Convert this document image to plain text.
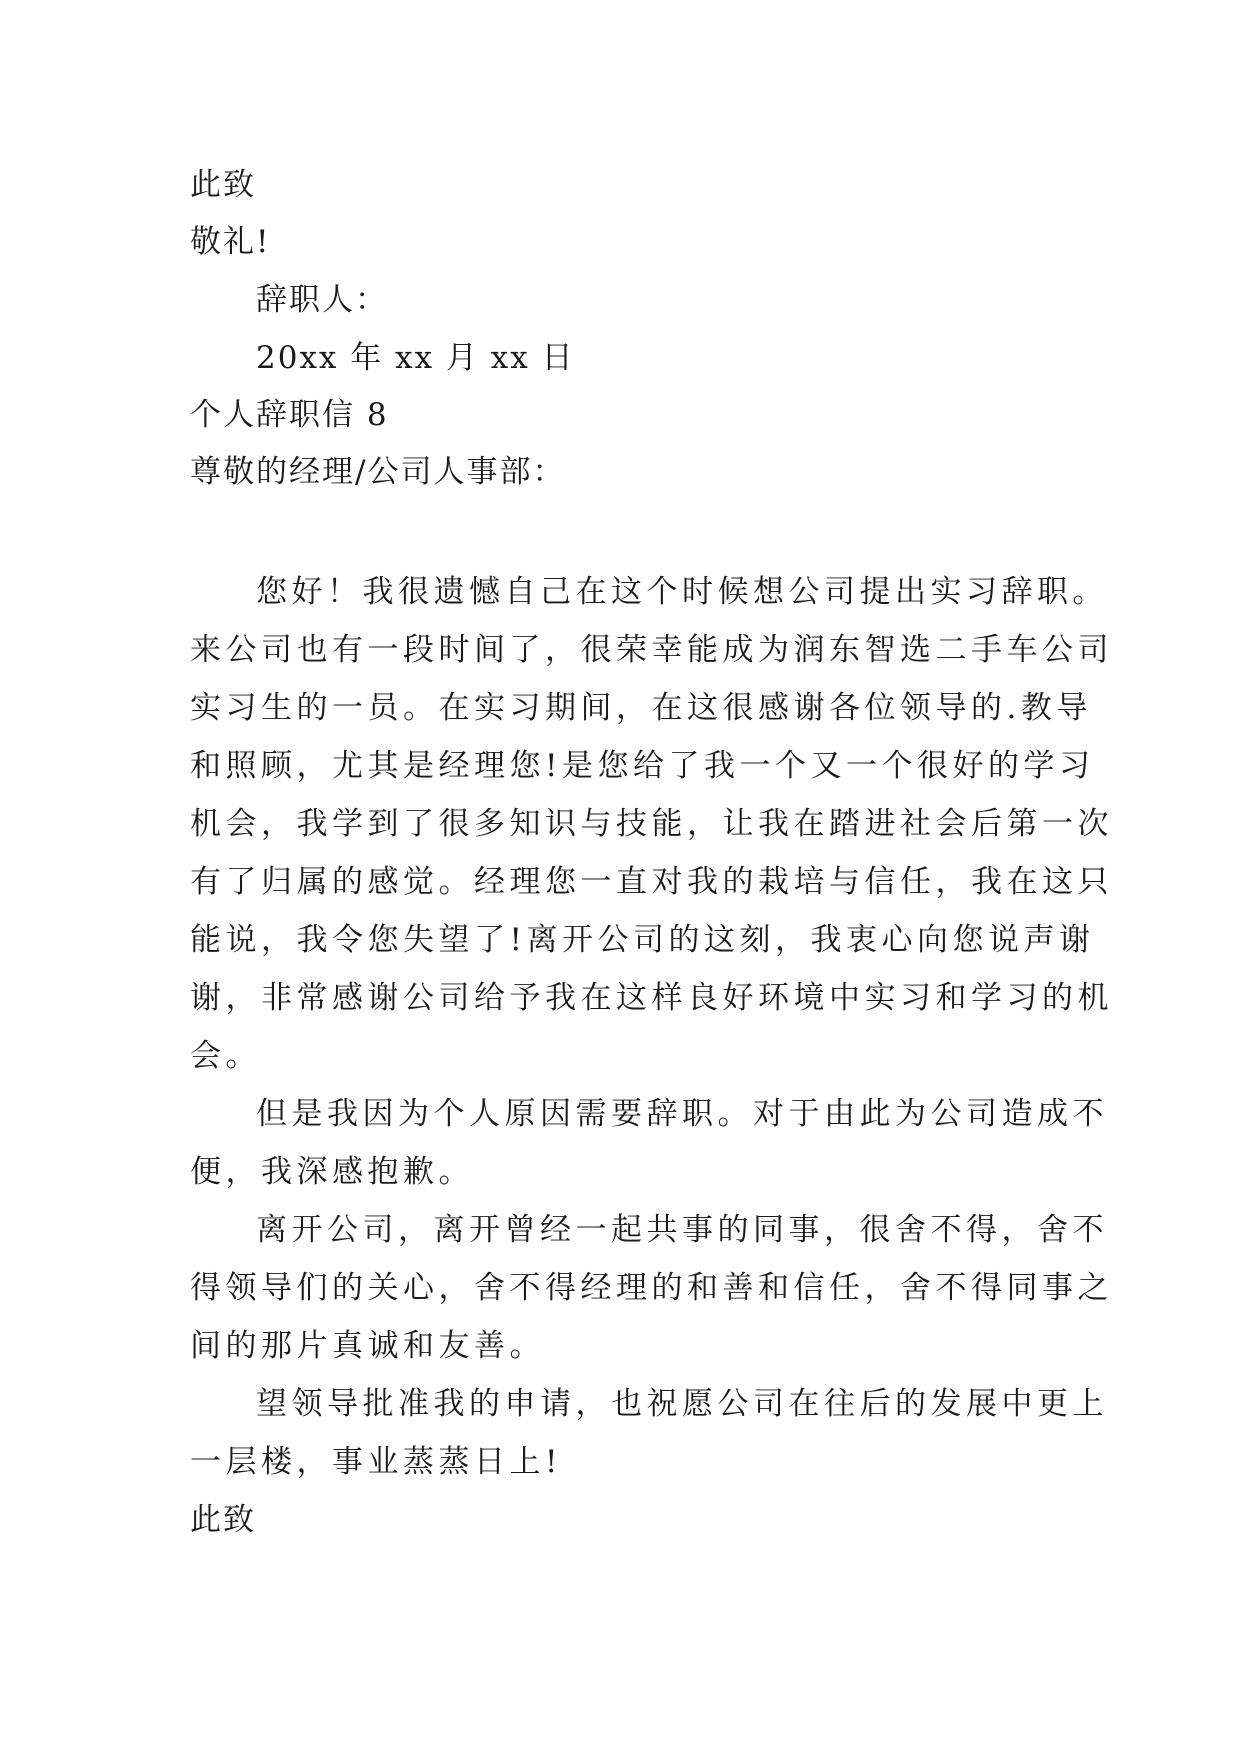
此致
敬礼!
辞职人：
20xx 年 xx 月 xx 日
个人辞职信 8
尊敬的经理/公司人事部：
您好！我很遗憾自己在这个时候想公司提出实习辞职。
来公司也有一段时间了，很荣幸能成为润东智选二手车公司
实习生的一员。在实习期间，在这很感谢各位领导的.教导
和照顾，尤其是经理您!是您给了我一个又一个很好的学习
机会，我学到了很多知识与技能，让我在踏进社会后第一次
有了归属的感觉。经理您一直对我的栽培与信任，我在这只
能说，我令您失望了!离开公司的这刻，我衷心向您说声谢
谢，非常感谢公司给予我在这样良好环境中实习和学习的机
会。
但是我因为个人原因需要辞职。对于由此为公司造成不
便，我深感抱歉。
离开公司，离开曾经一起共事的同事，很舍不得，舍不
得领导们的关心，舍不得经理的和善和信任，舍不得同事之
间的那片真诚和友善。
望领导批准我的申请，也祝愿公司在往后的发展中更上
一层楼，事业蒸蒸日上!
此致
